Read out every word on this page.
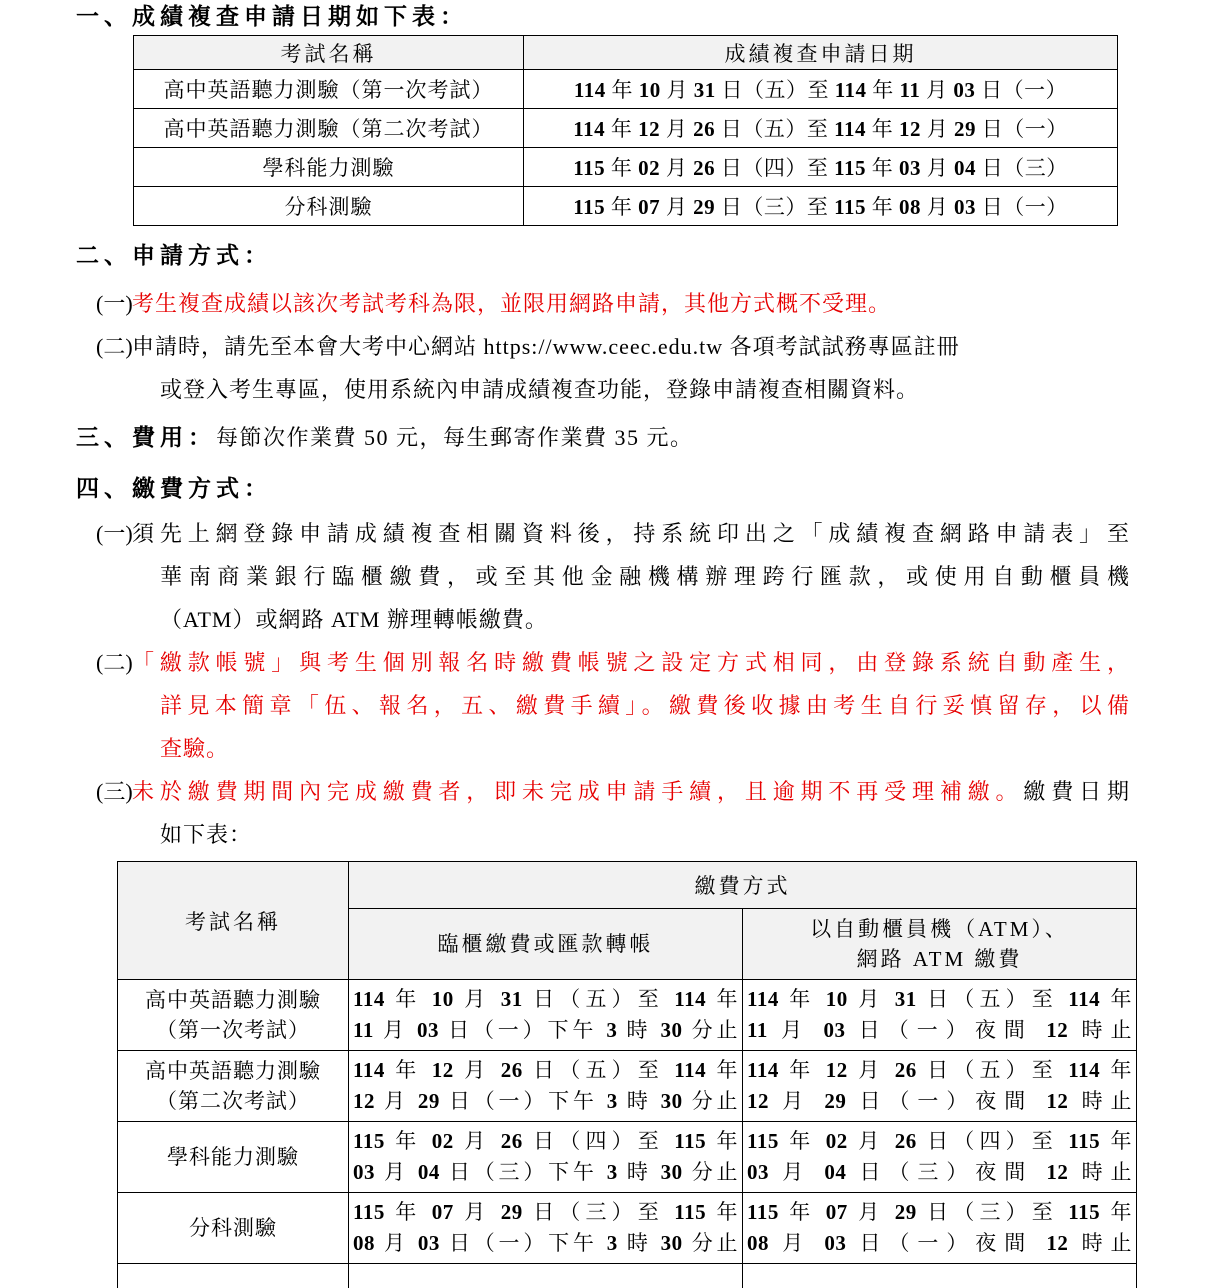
一、成績複查申請日期如下表：
考試名稱	成績複查申請日期
高中英語聽力測驗（第一次考試）	114 年 10 月 31 日（五）至 114 年 11 月 03 日（一）
高中英語聽力測驗（第二次考試）	114 年 12 月 26 日（五）至 114 年 12 月 29 日（一）
學科能力測驗	115 年 02 月 26 日（四）至 115 年 03 月 04 日（三）
分科測驗	115 年 07 月 29 日（三）至 115 年 08 月 03 日（一）
二、申請方式：
(一) 考生複查成績以該次考試考科為限，並限用網路申請，其他方式概不受理。
(二) 申請時，請先至本會大考中心網站 https://www.ceec.edu.tw 各項考試試務專區註冊
或登入考生專區，使用系統內申請成績複查功能，登錄申請複查相關資料。
三、費用：每節次作業費 50 元，每生郵寄作業費 35 元。
四、繳費方式：
(一) 須先上網登錄申請成績複查相關資料後，持系統印出之「成績複查網路申請表」至
華南商業銀行臨櫃繳費，或至其他金融機構辦理跨行匯款，或使用自動櫃員機
（ATM）或網路 ATM 辦理轉帳繳費。
(二) 「繳款帳號」與考生個別報名時繳費帳號之設定方式相同，由登錄系統自動產生，
詳見本簡章「伍、報名，五、繳費手續」。繳費後收據由考生自行妥慎留存，以備
查驗。
(三) 未於繳費期間內完成繳費者，即未完成申請手續，且逾期不再受理補繳。繳費日期
如下表：
考試名稱	繳費方式	
	臨櫃繳費或匯款轉帳	以自動櫃員機（ATM）、
網路 ATM 繳費

高中英語聽力測驗
（第一次考試）	114 年 10 月 31 日（五）至 114 年
11 月 03 日（一）下午 3 時 30 分止	114 年 10 月 31 日（五）至 114 年
11 月 03 日（一）夜間 12 時止

高中英語聽力測驗
（第二次考試）	114 年 12 月 26 日（五）至 114 年
12 月 29 日（一）下午 3 時 30 分止	114 年 12 月 26 日（五）至 114 年
12 月 29 日（一）夜間 12 時止

學科能力測驗	115 年 02 月 26 日（四）至 115 年
03 月 04 日（三）下午 3 時 30 分止	115 年 02 月 26 日（四）至 115 年
03 月 04 日（三）夜間 12 時止

分科測驗	115 年 07 月 29 日（三）至 115 年
08 月 03 日（一）下午 3 時 30 分止	115 年 07 月 29 日（三）至 115 年
08 月 03 日（一）夜間 12 時止
